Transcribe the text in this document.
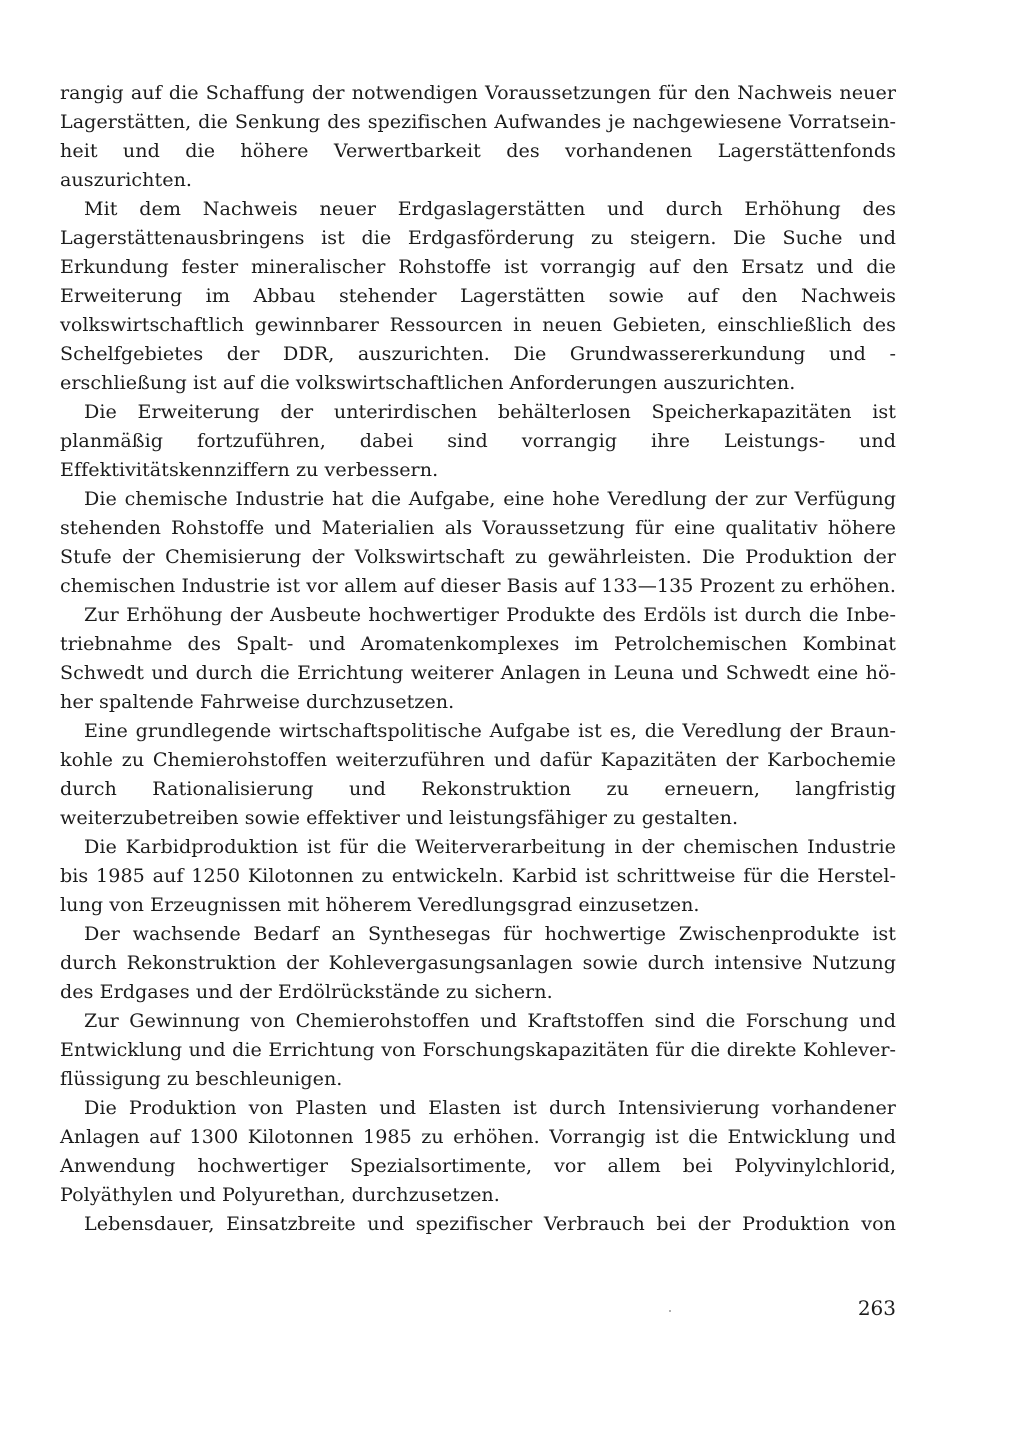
rangig auf die Schaffung der notwendigen Voraussetzungen für den Nachweis neuer Lagerstätten, die Senkung des spezifischen Aufwandes je nachgewiesene Vorratseinheit und die höhere Verwertbarkeit des vorhandenen Lagerstättenfonds auszurichten.

Mit dem Nachweis neuer Erdgaslagerstätten und durch Erhöhung des Lagerstättenausbringens ist die Erdgasförderung zu steigern. Die Suche und Erkundung fester mineralischer Rohstoffe ist vorrangig auf den Ersatz und die Erweiterung im Abbau stehender Lagerstätten sowie auf den Nachweis volkswirtschaftlich gewinnbarer Ressourcen in neuen Gebieten, einschließlich des Schelfgebietes der DDR, auszurichten. Die Grundwassererkundung und -erschließung ist auf die volkswirtschaftlichen Anforderungen auszurichten.

Die Erweiterung der unterirdischen behälterlosen Speicherkapazitäten ist planmäßig fortzuführen, dabei sind vorrangig ihre Leistungs- und Effektivitätskennziffern zu verbessern.

Die chemische Industrie hat die Aufgabe, eine hohe Veredlung der zur Verfügung stehenden Rohstoffe und Materialien als Voraussetzung für eine qualitativ höhere Stufe der Chemisierung der Volkswirtschaft zu gewährleisten. Die Produktion der chemischen Industrie ist vor allem auf dieser Basis auf 133—135 Prozent zu erhöhen.

Zur Erhöhung der Ausbeute hochwertiger Produkte des Erdöls ist durch die Inbetriebnahme des Spalt- und Aromatenkomplexes im Petrolchemischen Kombinat Schwedt und durch die Errichtung weiterer Anlagen in Leuna und Schwedt eine höher spaltende Fahrweise durchzusetzen.

Eine grundlegende wirtschaftspolitische Aufgabe ist es, die Veredlung der Braunkohle zu Chemierohstoffen weiterzuführen und dafür Kapazitäten der Karbochemie durch Rationalisierung und Rekonstruktion zu erneuern, langfristig weiterzubetreiben sowie effektiver und leistungsfähiger zu gestalten.

Die Karbidproduktion ist für die Weiterverarbeitung in der chemischen Industrie bis 1985 auf 1250 Kilotonnen zu entwickeln. Karbid ist schrittweise für die Herstellung von Erzeugnissen mit höherem Veredlungsgrad einzusetzen.

Der wachsende Bedarf an Synthesegas für hochwertige Zwischenprodukte ist durch Rekonstruktion der Kohlevergasungsanlagen sowie durch intensive Nutzung des Erdgases und der Erdölrückstände zu sichern.

Zur Gewinnung von Chemierohstoffen und Kraftstoffen sind die Forschung und Entwicklung und die Errichtung von Forschungskapazitäten für die direkte Kohleverflüssigung zu beschleunigen.

Die Produktion von Plasten und Elasten ist durch Intensivierung vorhandener Anlagen auf 1300 Kilotonnen 1985 zu erhöhen. Vorrangig ist die Entwicklung und Anwendung hochwertiger Spezialsortimente, vor allem bei Polyvinylchlorid, Polyäthylen und Polyurethan, durchzusetzen.

Lebensdauer, Einsatzbreite und spezifischer Verbrauch bei der Produktion von

263
